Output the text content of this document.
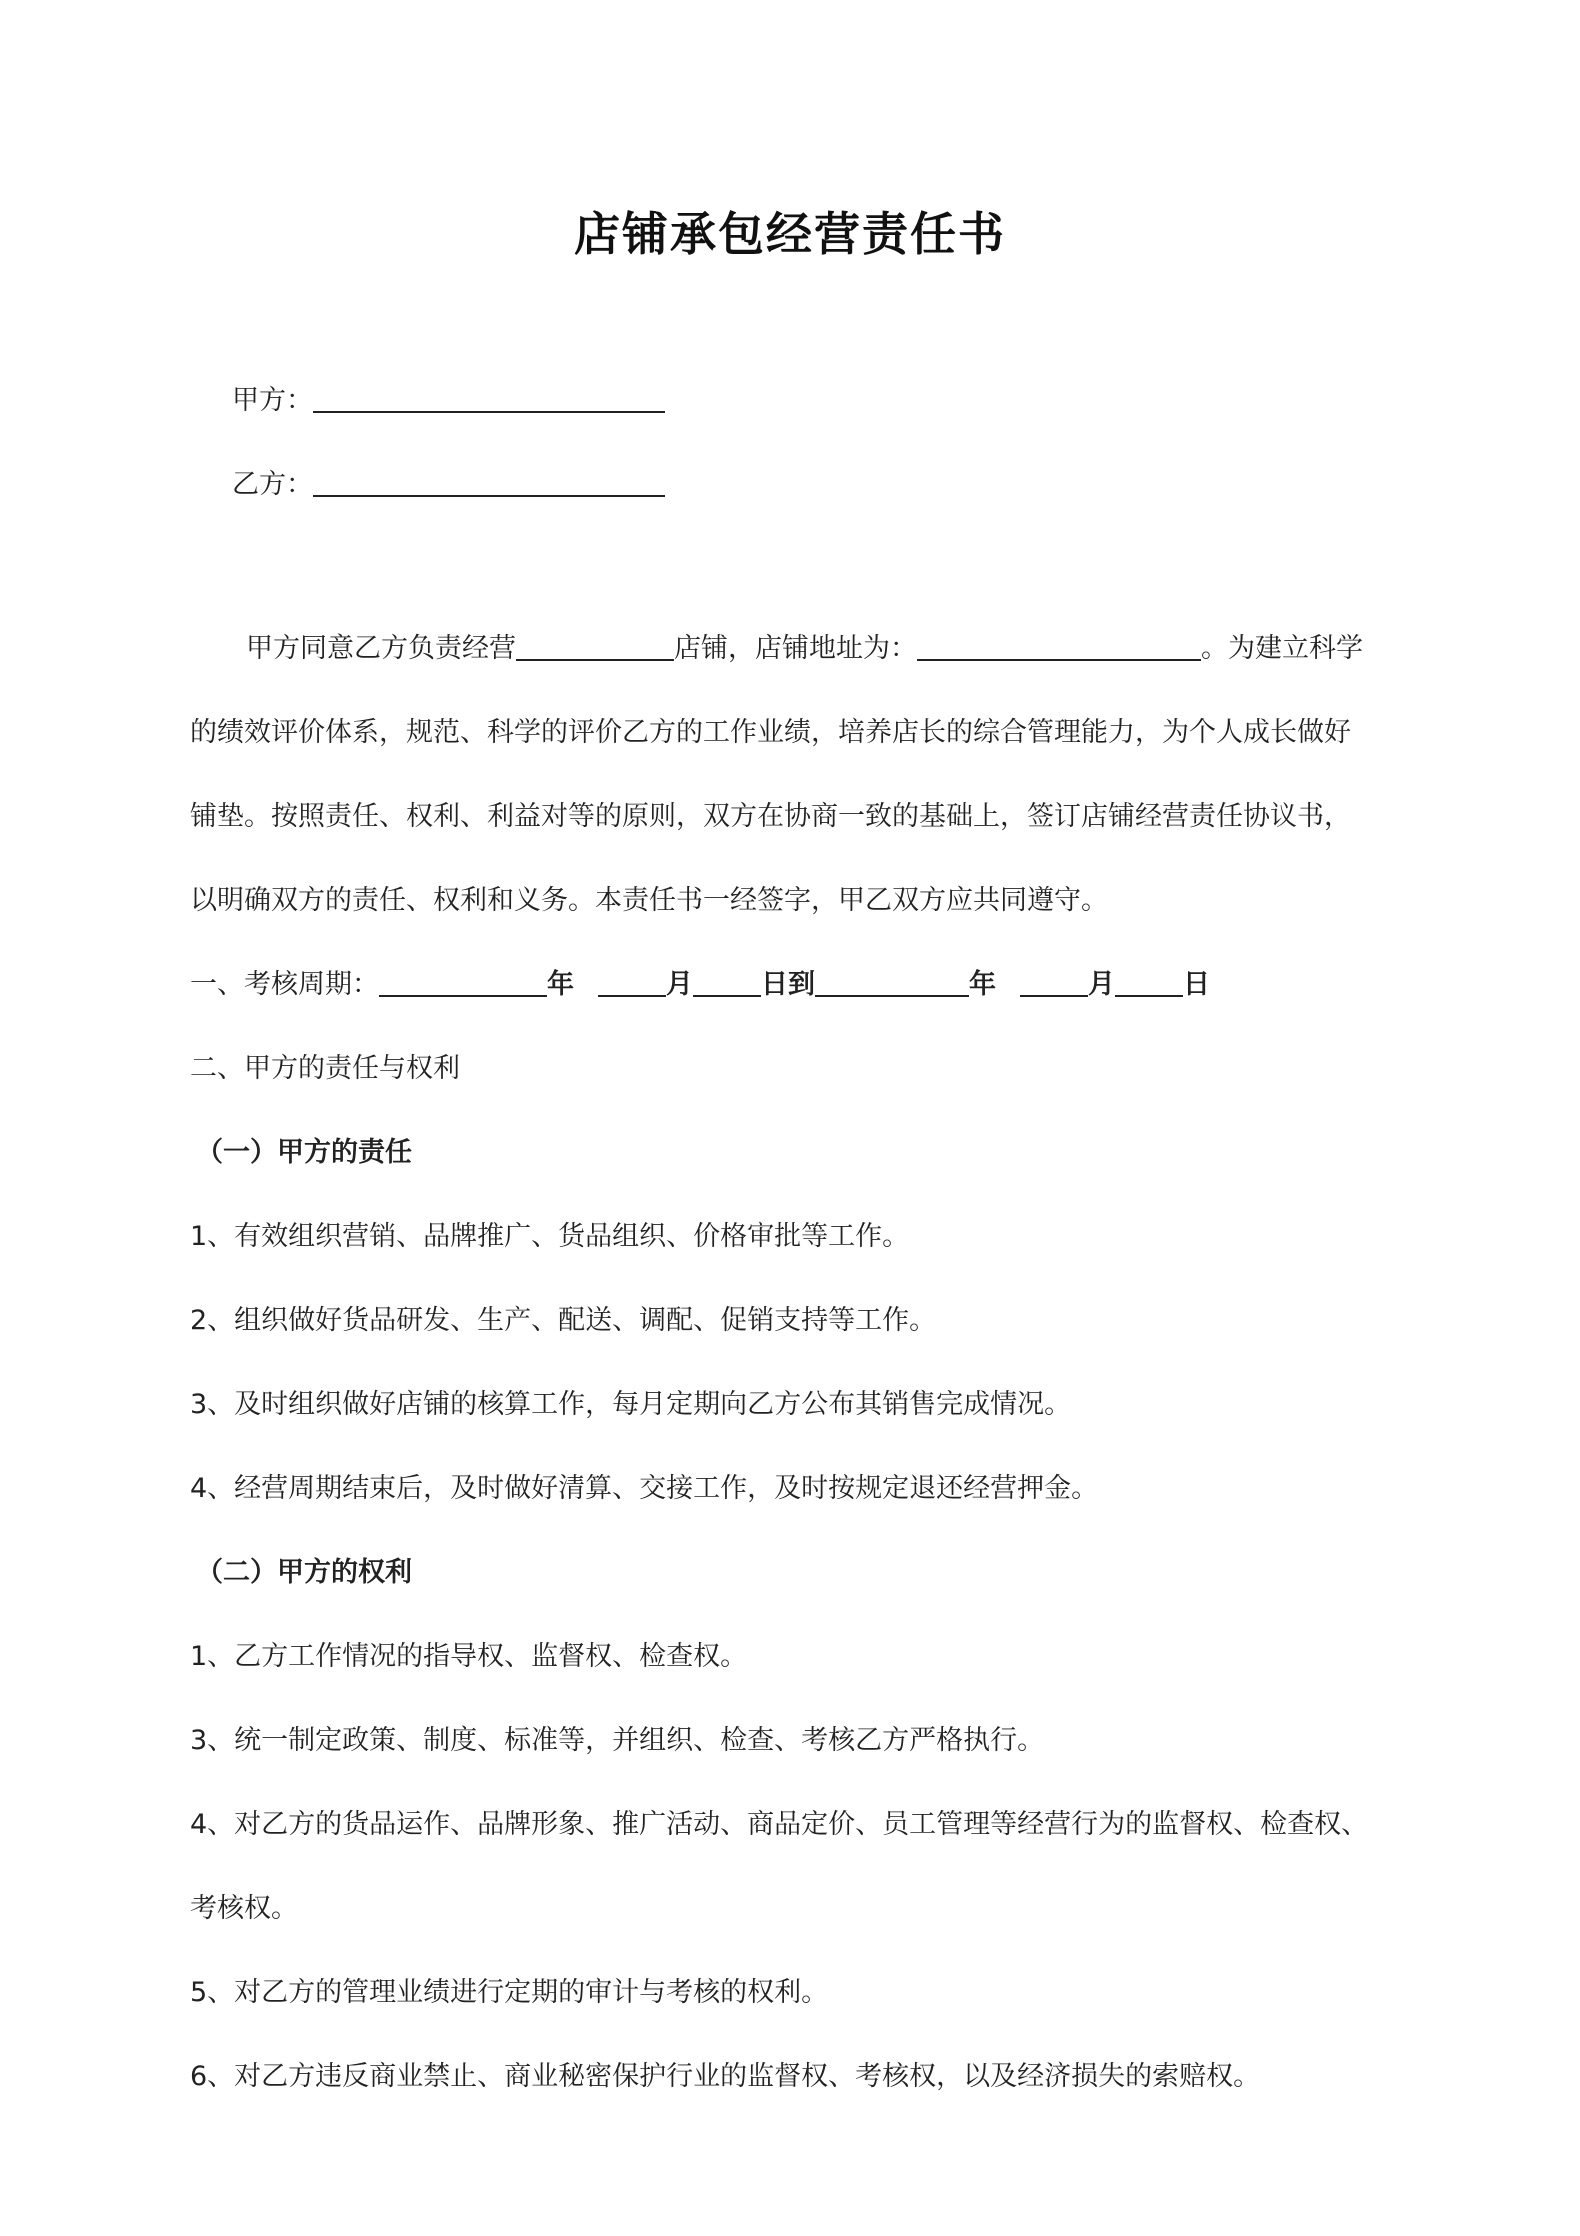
店铺承包经营责任书
甲方：
乙方：
甲方同意乙方负责经营	店铺，店铺地址为：	。为建立科学
的绩效评价体系，规范、科学的评价乙方的工作业绩，培养店长的综合管理能力，为个人成长做好
铺垫。按照责任、权利、利益对等的原则，双方在协商一致的基础上，签订店铺经营责任协议书，
以明确双方的责任、权利和义务。本责任书一经签字，甲乙双方应共同遵守。
一、考核周期：	年	月	日到	年	月	日
二、甲方的责任与权利
（一）甲方的责任
1、有效组织营销、品牌推广、货品组织、价格审批等工作。
2、组织做好货品研发、生产、配送、调配、促销支持等工作。
3、及时组织做好店铺的核算工作，每月定期向乙方公布其销售完成情况。
4、经营周期结束后，及时做好清算、交接工作，及时按规定退还经营押金。
（二）甲方的权利
1、乙方工作情况的指导权、监督权、检查权。
3、统一制定政策、制度、标准等，并组织、检查、考核乙方严格执行。
4、对乙方的货品运作、品牌形象、推广活动、商品定价、员工管理等经营行为的监督权、检查权、
考核权。
5、对乙方的管理业绩进行定期的审计与考核的权利。
6、对乙方违反商业禁止、商业秘密保护行业的监督权、考核权，以及经济损失的索赔权。
